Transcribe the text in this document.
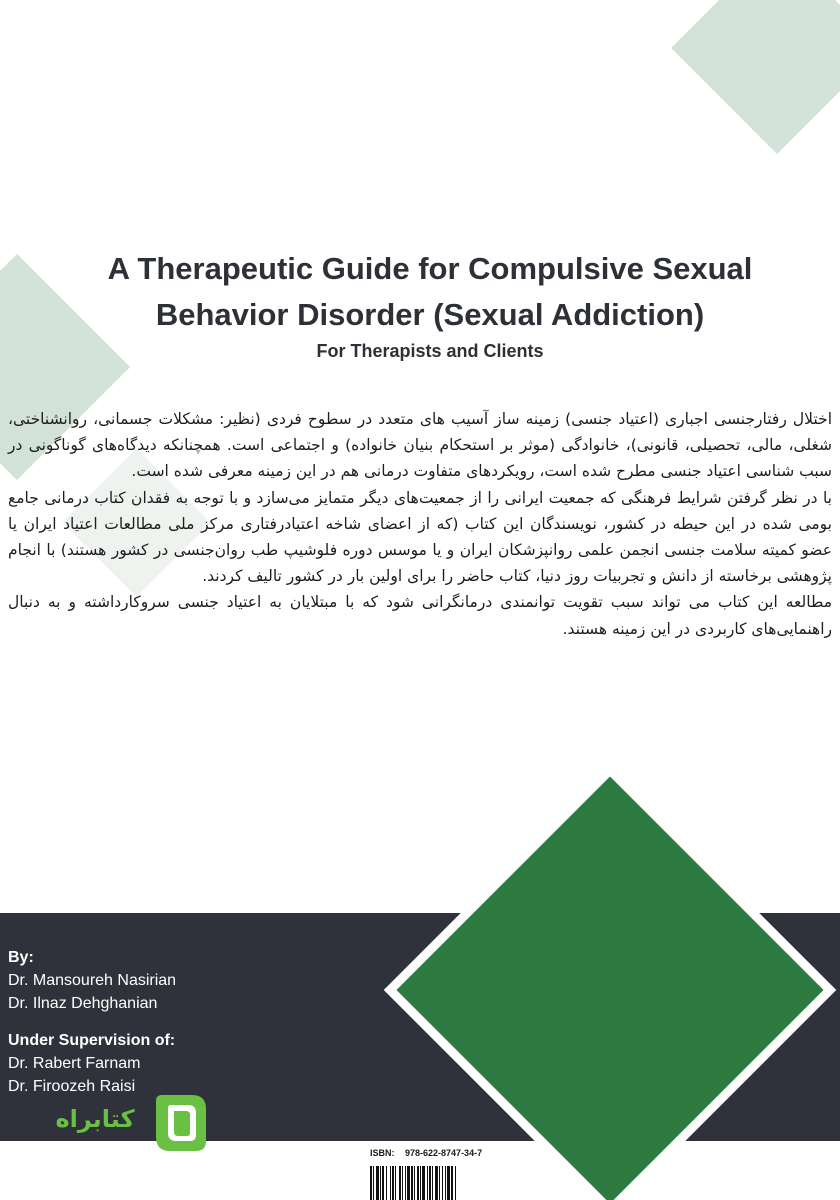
A Therapeutic Guide for Compulsive Sexual Behavior Disorder (Sexual Addiction)
For Therapists and Clients

اختلال رفتارجنسی اجباری (اعتیاد جنسی) زمینه ساز آسیب های متعدد در سطوح فردی (نظیر: مشکلات جسمانی، روانشناختی، شغلی، مالی، تحصیلی، قانونی)، خانوادگی (موثر بر استحکام بنیان خانواده) و اجتماعی است. همچنانکه دیدگاه‌های گوناگونی در سبب شناسی اعتیاد جنسی مطرح شده است، رویکردهای متفاوت درمانی هم در این زمینه معرفی شده است.

با در نظر گرفتن شرایط فرهنگی که جمعیت ایرانی را از جمعیت‌های دیگر متمایز می‌سازد و با توجه به فقدان کتاب درمانی جامع بومی شده در این حیطه در کشور، نویسندگان این کتاب (که از اعضای شاخه اعتیادرفتاری مرکز ملی مطالعات اعتیاد ایران یا عضو کمیته سلامت جنسی انجمن علمی روانپزشکان ایران و یا موسس دوره فلوشیپ طب روان‌جنسی در کشور هستند) با انجام پژوهشی برخاسته از دانش و تجربیات روز دنیا، کتاب حاضر را برای اولین بار در کشور تالیف کردند.

مطالعه این کتاب می تواند سبب تقویت توانمندی درمانگرانی شود که با مبتلایان به اعتیاد جنسی سروکارداشته و به دنبال راهنمایی‌های کاربردی در این زمینه هستند.

By:
Dr. Mansoureh Nasirian
Dr. Ilnaz Dehghanian
Under Supervision of:
Dr. Rabert Farnam
Dr. Firoozeh Raisi
کتابراه
ISBN: 978-622-8747-34-7
